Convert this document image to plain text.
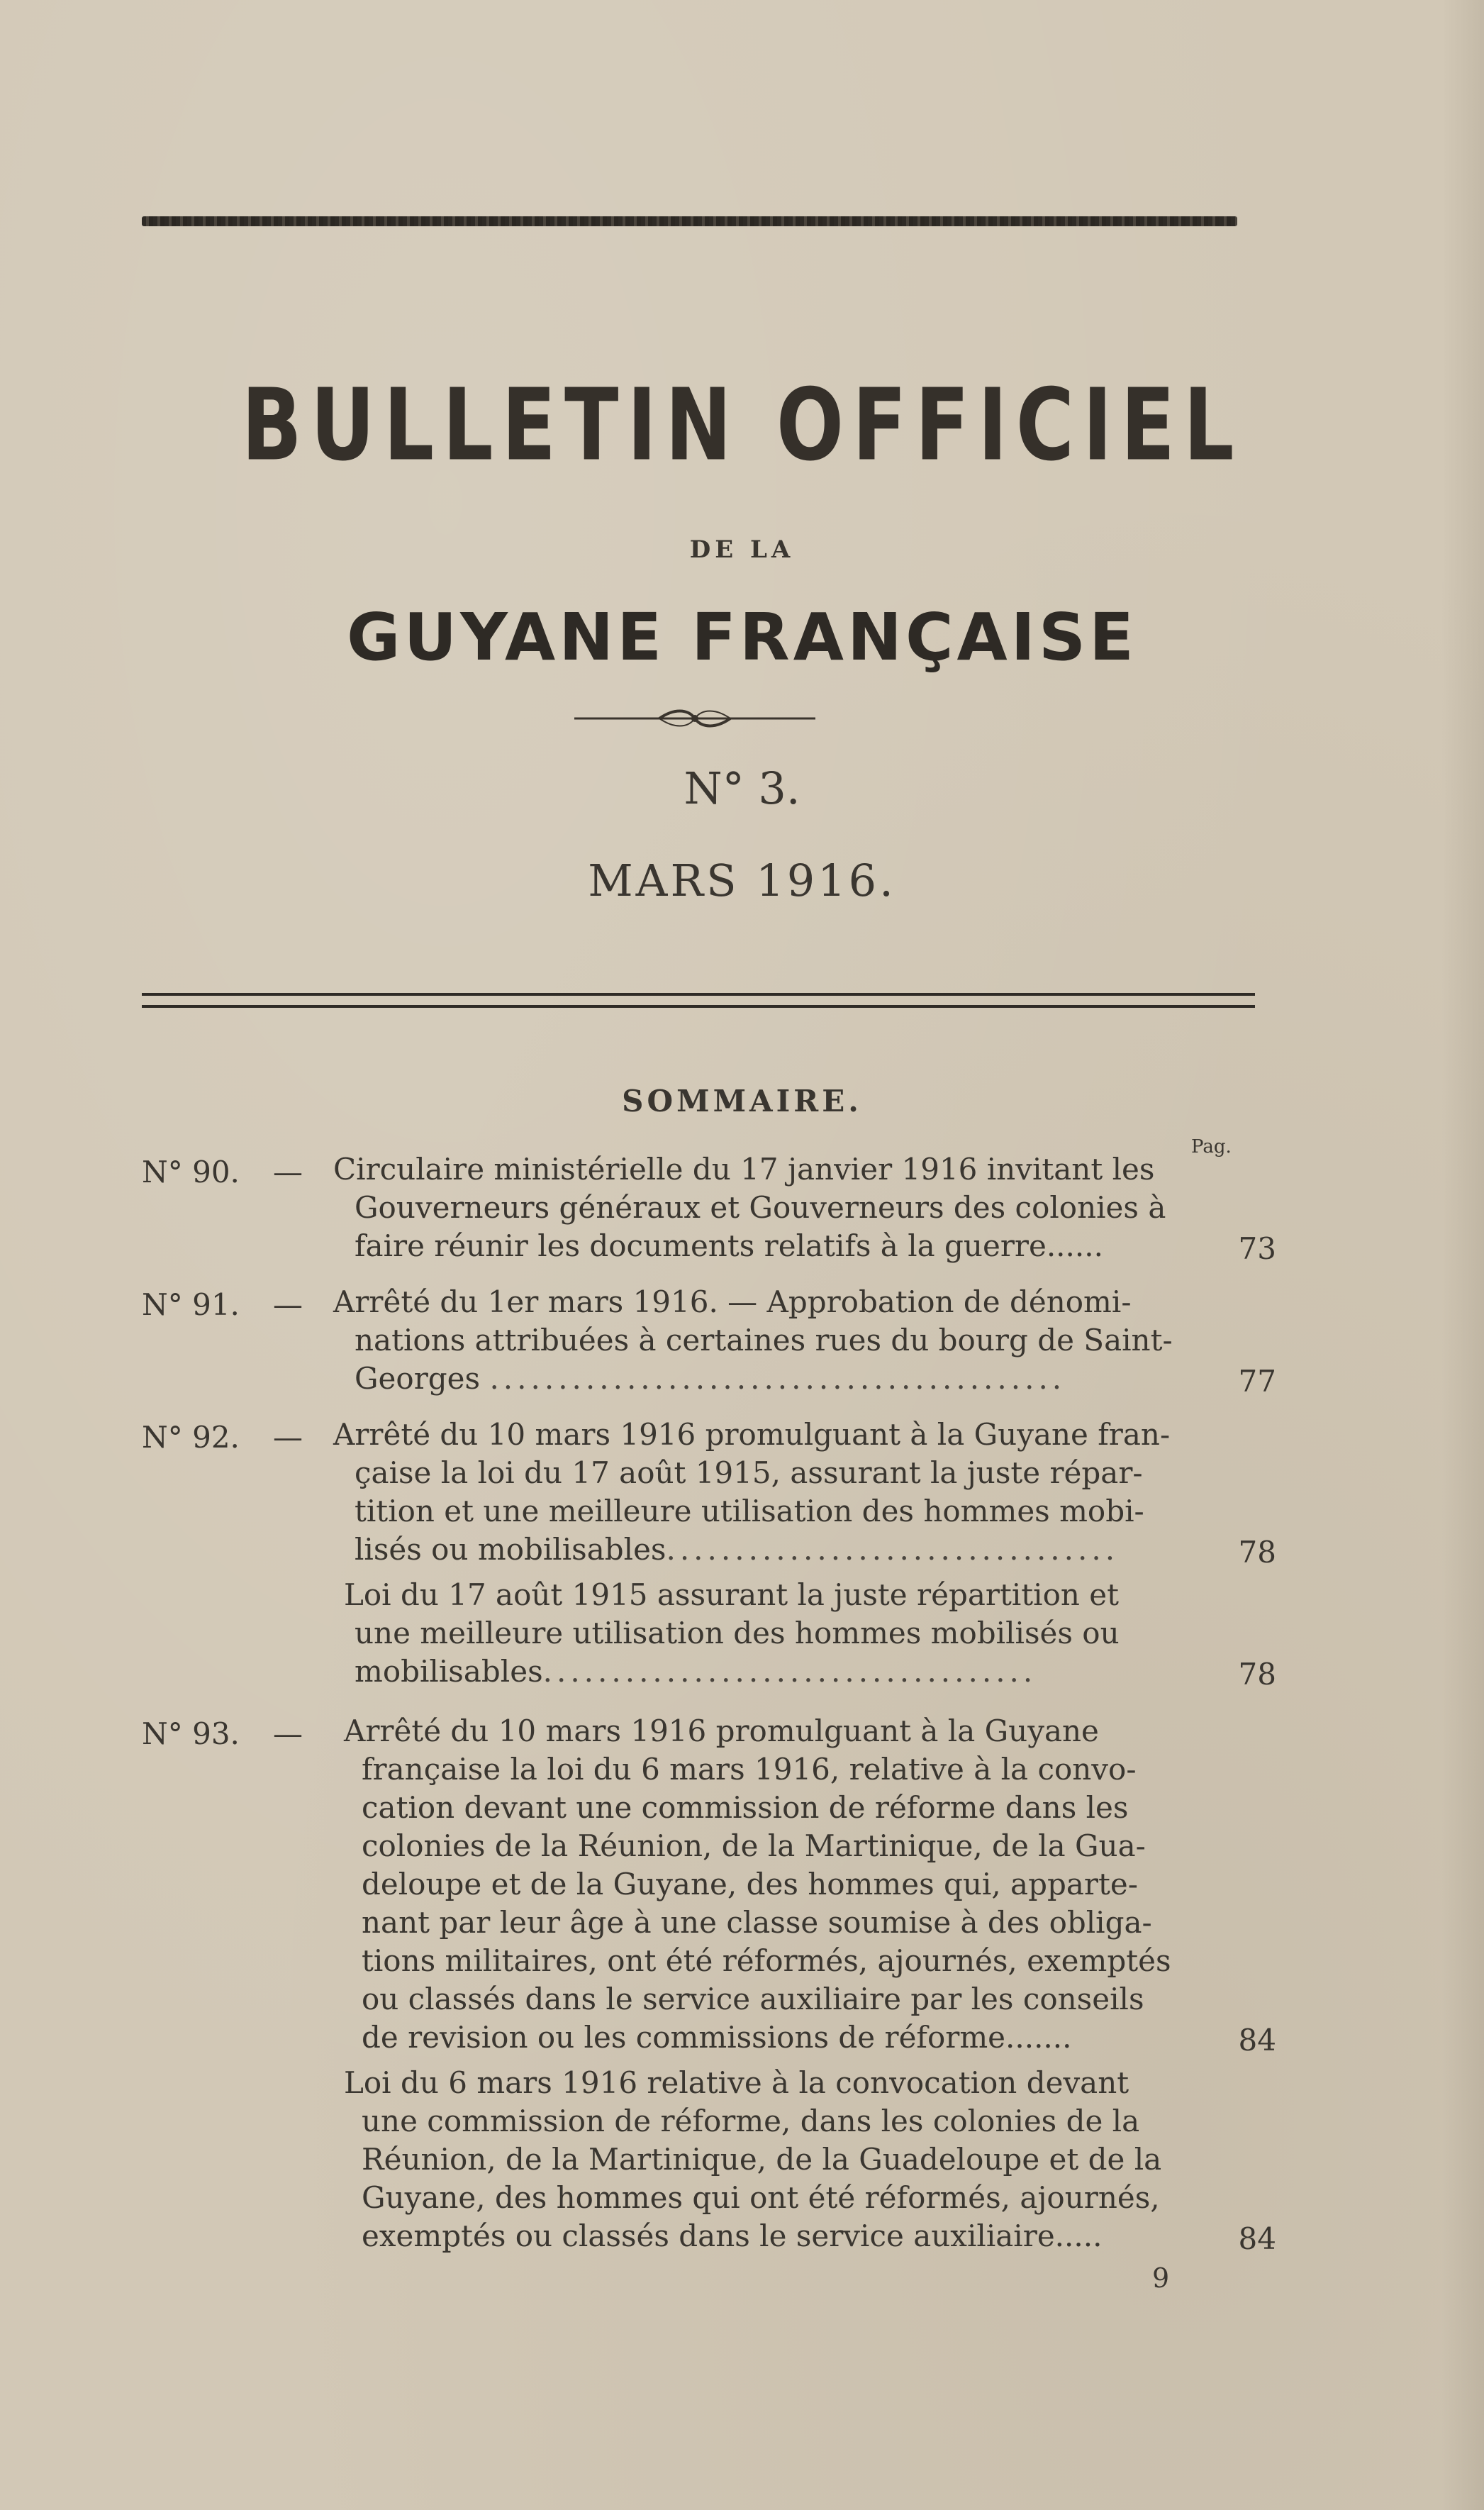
BULLETIN OFFICIEL
DE LA
GUYANE FRANÇAISE
N° 3.
MARS 1916.
SOMMAIRE.
Pag.
N° 90. — Circulaire ministérielle du 17 janvier 1916 invitant les
Gouverneurs généraux et Gouverneurs des colonies à
faire réunir les documents relatifs à la guerre......	73
N° 91. — Arrêté du 1er mars 1916. — Approbation de dénomi-
nations attribuées à certaines rues du bourg de Saint-
Georges ..........................................	77
N° 92. — Arrêté du 10 mars 1916 promulguant à la Guyane fran-
çaise la loi du 17 août 1915, assurant la juste répar-
tition et une meilleure utilisation des hommes mobi-
lisés ou mobilisables.................................	78
Loi du 17 août 1915 assurant la juste répartition et
une meilleure utilisation des hommes mobilisés ou
mobilisables....................................	78
N° 93. — Arrêté du 10 mars 1916 promulguant à la Guyane
française la loi du 6 mars 1916, relative à la convo-
cation devant une commission de réforme dans les
colonies de la Réunion, de la Martinique, de la Gua-
deloupe et de la Guyane, des hommes qui, apparte-
nant par leur âge à une classe soumise à des obliga-
tions militaires, ont été réformés, ajournés, exemptés
ou classés dans le service auxiliaire par les conseils
de revision ou les commissions de réforme.......	84
Loi du 6 mars 1916 relative à la convocation devant
une commission de réforme, dans les colonies de la
Réunion, de la Martinique, de la Guadeloupe et de la
Guyane, des hommes qui ont été réformés, ajournés,
exemptés ou classés dans le service auxiliaire.....	84
9
